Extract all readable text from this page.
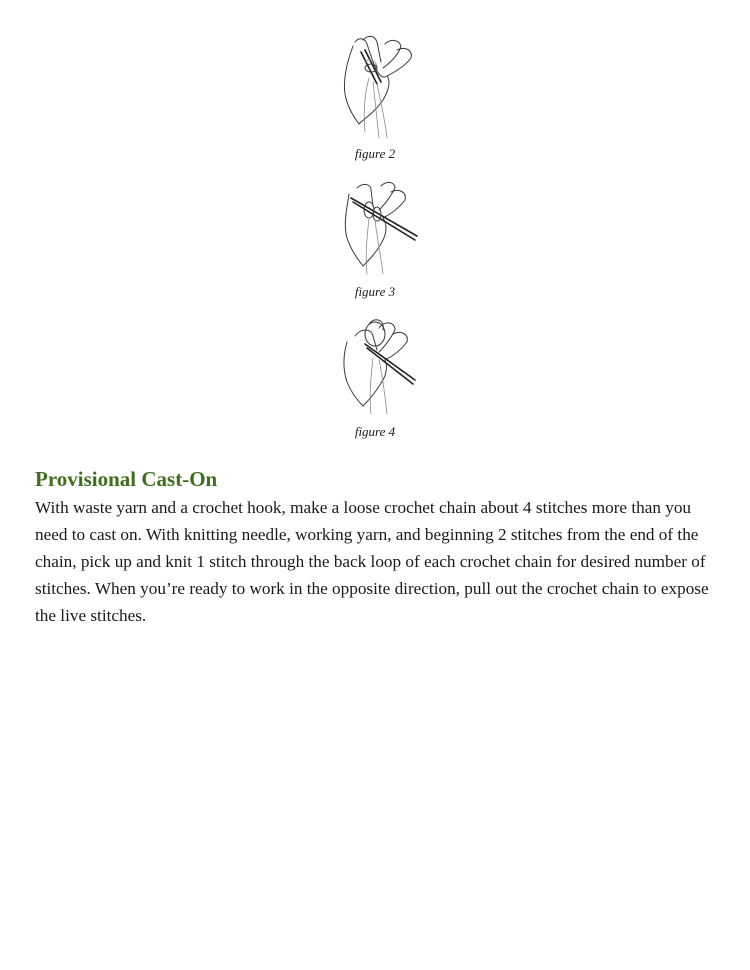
figure 2
figure 3
figure 4
Provisional Cast-On

With waste yarn and a crochet hook, make a loose crochet chain about 4 stitches more than you need to cast on. With knitting needle, working yarn, and beginning 2 stitches from the end of the chain, pick up and knit 1 stitch through the back loop of each crochet chain for desired number of stitches. When you’re ready to work in the opposite direction, pull out the crochet chain to expose the live stitches.
